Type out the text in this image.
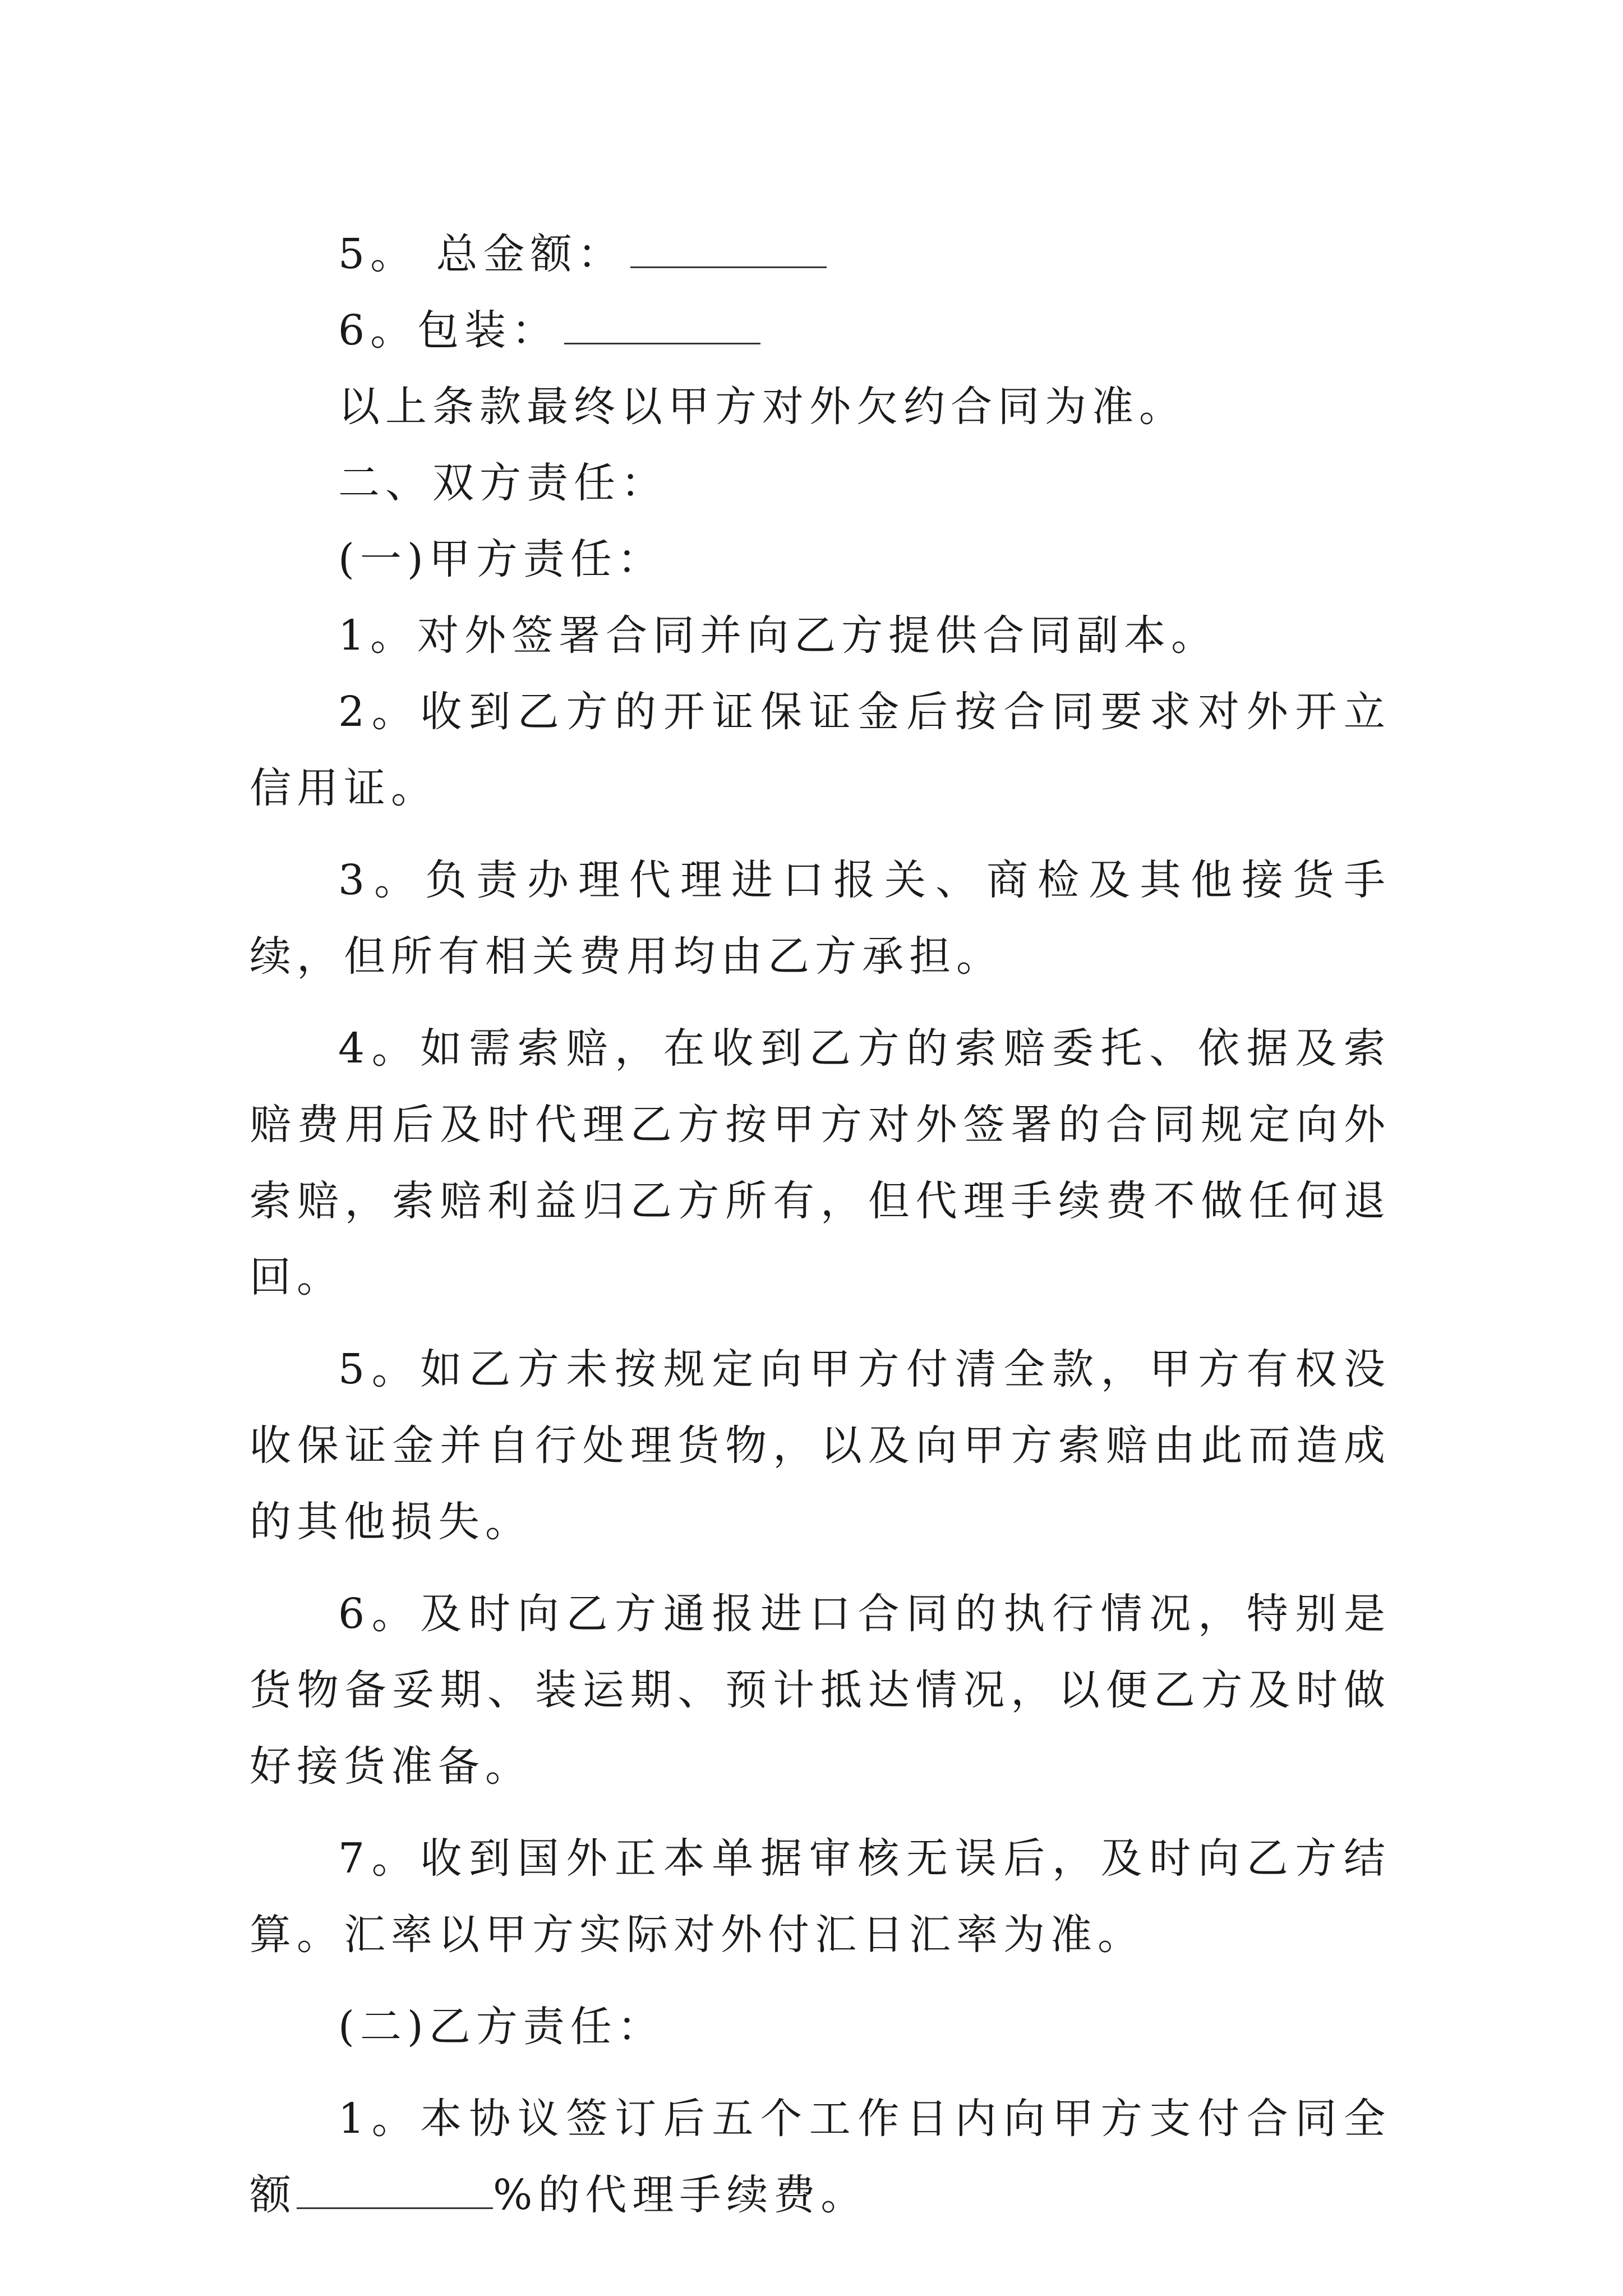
5。 总金额：

6。包装：

以上条款最终以甲方对外欠约合同为准。

二、双方责任：

(一)甲方责任：

1。对外签署合同并向乙方提供合同副本。

2。收到乙方的开证保证金后按合同要求对外开立信用证。

3。负责办理代理进口报关、商检及其他接货手续，但所有相关费用均由乙方承担。

4。如需索赔，在收到乙方的索赔委托、依据及索赔费用后及时代理乙方按甲方对外签署的合同规定向外索赔，索赔利益归乙方所有，但代理手续费不做任何退回。

5。如乙方未按规定向甲方付清全款，甲方有权没收保证金并自行处理货物，以及向甲方索赔由此而造成的其他损失。

6。及时向乙方通报进口合同的执行情况，特别是货物备妥期、装运期、预计抵达情况，以便乙方及时做好接货准备。

7。收到国外正本单据审核无误后，及时向乙方结算。汇率以甲方实际对外付汇日汇率为准。

(二)乙方责任：

1。本协议签订后五个工作日内向甲方支付合同全额	%的代理手续费。
